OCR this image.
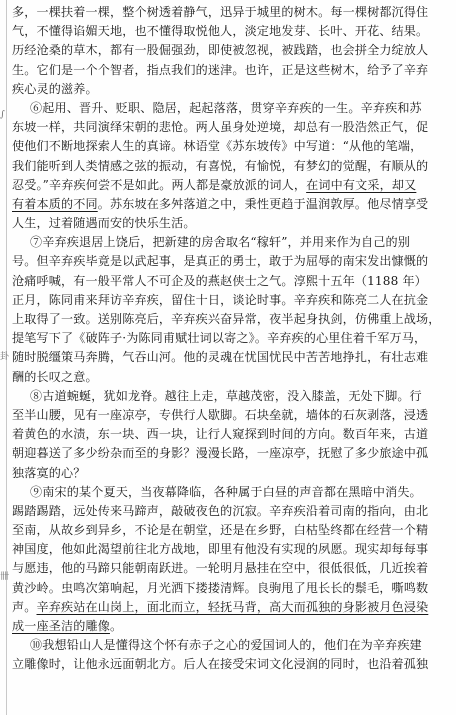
∫
卦
卌
多，一棵扶着一棵，整个树透着静气，迅异于城里的树木。每一棵树都沉得住
气，不懂得谄媚天地，也不懂得取悦他人，淡定地发芽、长叶、开花、结果。
历经沧桑的草木，都有一股倔强劲，即使被忽视，被践踏，也会拼全力绽放人
生。它们是一个个智者，指点我们的迷津。也许，正是这些树木，给予了辛弃
疾心灵的滋养。
⑥起用、晋升、贬职、隐居，起起落落，贯穿辛弃疾的一生。辛弃疾和苏
东坡一样，共同演绎宋朝的悲怆。两人虽身处逆境，却总有一股浩然正气，促
使他们不断地探索人生的真谛。林语堂《苏东坡传》中写道：“从他的笔端，
我们能听到人类情感之弦的振动，有喜悦，有愉悦，有梦幻的觉醒，有顺从的
忍受。”辛弃疾何尝不是如此。两人都是豪放派的词人，在词中有文采，却又
有着本质的不同。苏东坡在多舛落道之中，秉性更趋于温润敦厚。他尽情享受
人生，过着随遇而安的快乐生活。
⑦辛弃疾退居上饶后，把新建的房舍取名“稼轩”，并用来作为自己的别
号。但辛弃疾毕竟是以武起事，是真正的勇士，敢于为屈辱的南宋发出慷慨的
沧痛呼喊，有一般平常人不可企及的燕赵侠士之气。淳熙十五年（1188 年）
正月，陈同甫来拜访辛弃疾，留住十日，谈论时事。辛弃疾和陈亮二人在抗金
上取得了一致。送别陈亮后，辛弃疾兴奋异常，夜半起身执剑，仿佛重上战场，
提笔写下了《破阵子·为陈同甫赋壮词以寄之》。辛弃疾的心里住着千军万马，
随时脱缰策马奔腾，气吞山河。他的灵魂在忧国忧民中苦苦地挣扎，有壮志难
酬的长叹之意。
⑧古道蜿蜒，犹如龙脊。越往上走，草越茂密，没入膝盖，无处下脚。行
至半山腰，见有一座凉亭，专供行人歇脚。石块垒就，墙体的石灰剥落，浸透
着黄色的水渍，东一块、西一块，让行人窥探到时间的方向。数百年来，古道
朝迎暮送了多少纷杂而至的身影？漫漫长路，一座凉亭，抚慰了多少旅途中孤
独落寞的心？
⑨南宋的某个夏天，当夜幕降临，各种属于白昼的声音都在黑暗中消失。
踢踏踢踏，远处传来马蹄声，敲破夜色的沉寂。辛弃疾沿着司南的指向，由北
至南，从故乡到异乡，不论是在朝堂，还是在乡野，白枯坠终都在经营一个精
神国度，他如此渴望前往北方战地，即里有他没有实现的夙愿。现实却每每事
与愿违，他的马蹄只能朝南跃进。一轮明月悬挂在空中，很低很低，几近挨着
黄沙岭。虫鸣次第响起，月光洒下搂搂清辉。良驹甩了甩长长的鬃毛，嘶鸣数
声。辛弃疾站在山岗上，面北而立，轻抚马背，高大而孤独的身影被月色浸染
成一座圣洁的雕像。
⑩我想铅山人是懂得这个怀有赤子之心的爱国词人的，他们在为辛弃疾建
立雕像时，让他永远面朝北方。后人在接受宋词文化浸润的同时，也沿着孤独
